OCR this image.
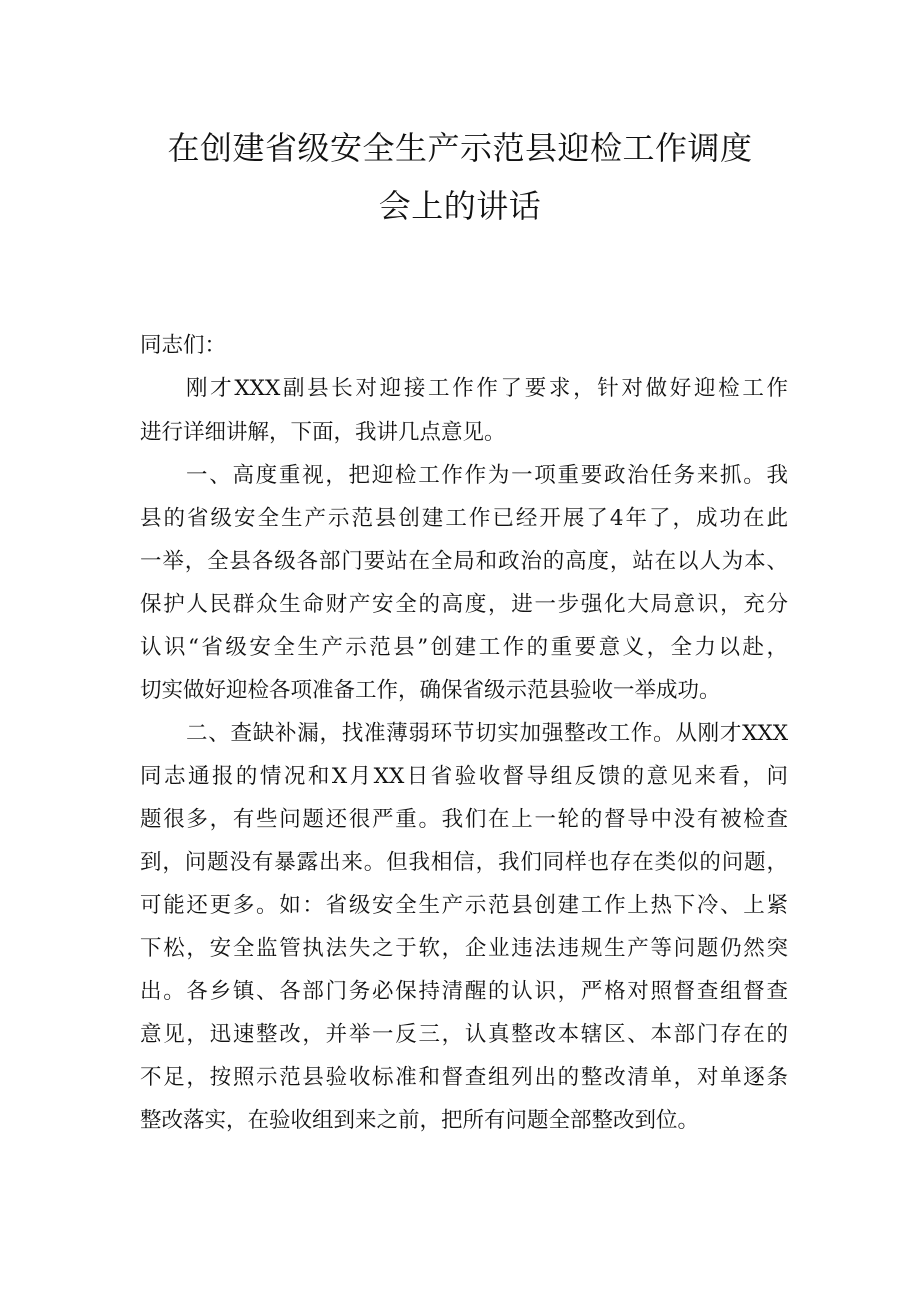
在创建省级安全生产示范县迎检工作调度
会上的讲话
同志们：
刚才XXX副县长对迎接工作作了要求，针对做好迎检工作
进行详细讲解，下面，我讲几点意见。
一、高度重视，把迎检工作作为一项重要政治任务来抓。我
县的省级安全生产示范县创建工作已经开展了4年了，成功在此
一举，全县各级各部门要站在全局和政治的高度，站在以人为本、
保护人民群众生命财产安全的高度，进一步强化大局意识，充分
认识“省级安全生产示范县”创建工作的重要意义，全力以赴，
切实做好迎检各项准备工作，确保省级示范县验收一举成功。
二、查缺补漏，找准薄弱环节切实加强整改工作。从刚才XXX
同志通报的情况和X月XX日省验收督导组反馈的意见来看，问
题很多，有些问题还很严重。我们在上一轮的督导中没有被检查
到，问题没有暴露出来。但我相信，我们同样也存在类似的问题，
可能还更多。如：省级安全生产示范县创建工作上热下冷、上紧
下松，安全监管执法失之于软，企业违法违规生产等问题仍然突
出。各乡镇、各部门务必保持清醒的认识，严格对照督查组督查
意见，迅速整改，并举一反三，认真整改本辖区、本部门存在的
不足，按照示范县验收标准和督查组列出的整改清单，对单逐条
整改落实，在验收组到来之前，把所有问题全部整改到位。
